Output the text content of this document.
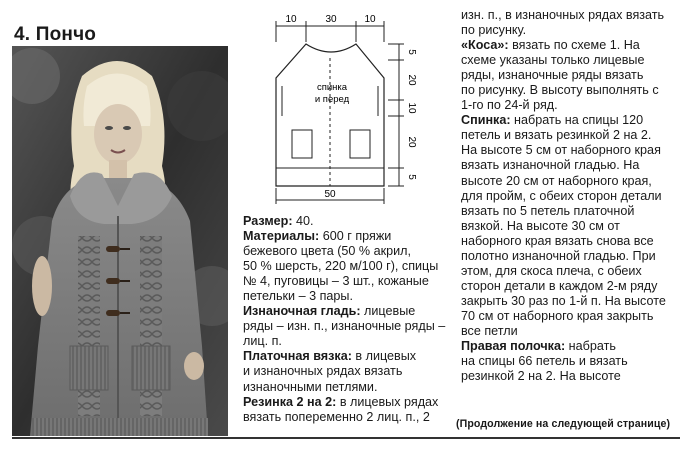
4. Пончо
10	30	10
спинка
и перед
5
20
10
20
5
50

Размер: 40.

Материалы: 600 г пряжи
бежевого цвета (50 % акрил,
50 % шерсть, 220 м/100 г), спицы
№ 4, пуговицы – 3 шт., кожаные
петельки – 3 пары.

Изнаночная гладь: лицевые
ряды – изн. п., изнаночные ряды –
лиц. п.

Платочная вязка: в лицевых
и изнаночных рядах вязать
изнаночными петлями.

Резинка 2 на 2: в лицевых рядах
вязать попеременно 2 лиц. п., 2

изн. п., в изнаночных рядах вязать
по рисунку.

«Коса»: вязать по схеме 1. На
схеме указаны только лицевые
ряды, изнаночные ряды вязать
по рисунку. В высоту выполнять с
1-го по 24-й ряд.

Спинка: набрать на спицы 120
петель и вязать резинкой 2 на 2.
На высоте 5 см от наборного края
вязать изнаночной гладью. На
высоте 20 см от наборного края,
для пройм, с обеих сторон детали
вязать по 5 петель платочной
вязкой. На высоте 30 см от
наборного края вязать снова все
полотно изнаночной гладью. При
этом, для скоса плеча, с обеих
сторон детали в каждом 2-м ряду
закрыть 30 раз по 1-й п. На высоте
70 см от наборного края закрыть
все петли

Правая полочка: набрать
на спицы 66 петель и вязать
резинкой 2 на 2. На высоте

(Продолжение на следующей странице)
